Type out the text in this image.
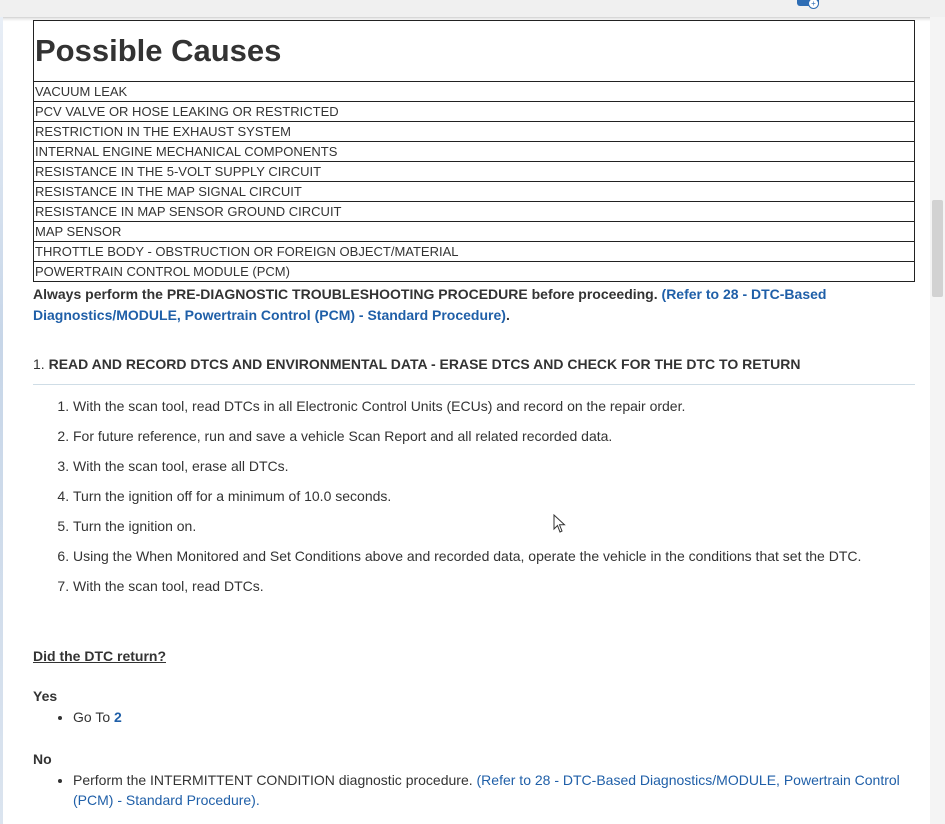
+
Possible Causes
VACUUM LEAK
PCV VALVE OR HOSE LEAKING OR RESTRICTED
RESTRICTION IN THE EXHAUST SYSTEM
INTERNAL ENGINE MECHANICAL COMPONENTS
RESISTANCE IN THE 5-VOLT SUPPLY CIRCUIT
RESISTANCE IN THE MAP SIGNAL CIRCUIT
RESISTANCE IN MAP SENSOR GROUND CIRCUIT
MAP SENSOR
THROTTLE BODY - OBSTRUCTION OR FOREIGN OBJECT/MATERIAL
POWERTRAIN CONTROL MODULE (PCM)
Always perform the PRE-DIAGNOSTIC TROUBLESHOOTING PROCEDURE before proceeding. (Refer to 28 - DTC-Based Diagnostics/MODULE, Powertrain Control (PCM) - Standard Procedure).
1. READ AND RECORD DTCS AND ENVIRONMENTAL DATA - ERASE DTCS AND CHECK FOR THE DTC TO RETURN
1. With the scan tool, read DTCs in all Electronic Control Units (ECUs) and record on the repair order.
2. For future reference, run and save a vehicle Scan Report and all related recorded data.
3. With the scan tool, erase all DTCs.
4. Turn the ignition off for a minimum of 10.0 seconds.
5. Turn the ignition on.
6. Using the When Monitored and Set Conditions above and recorded data, operate the vehicle in the conditions that set the DTC.
7. With the scan tool, read DTCs.
Did the DTC return?
Yes
• Go To 2
No
• Perform the INTERMITTENT CONDITION diagnostic procedure. (Refer to 28 - DTC-Based Diagnostics/MODULE, Powertrain Control (PCM) - Standard Procedure).
